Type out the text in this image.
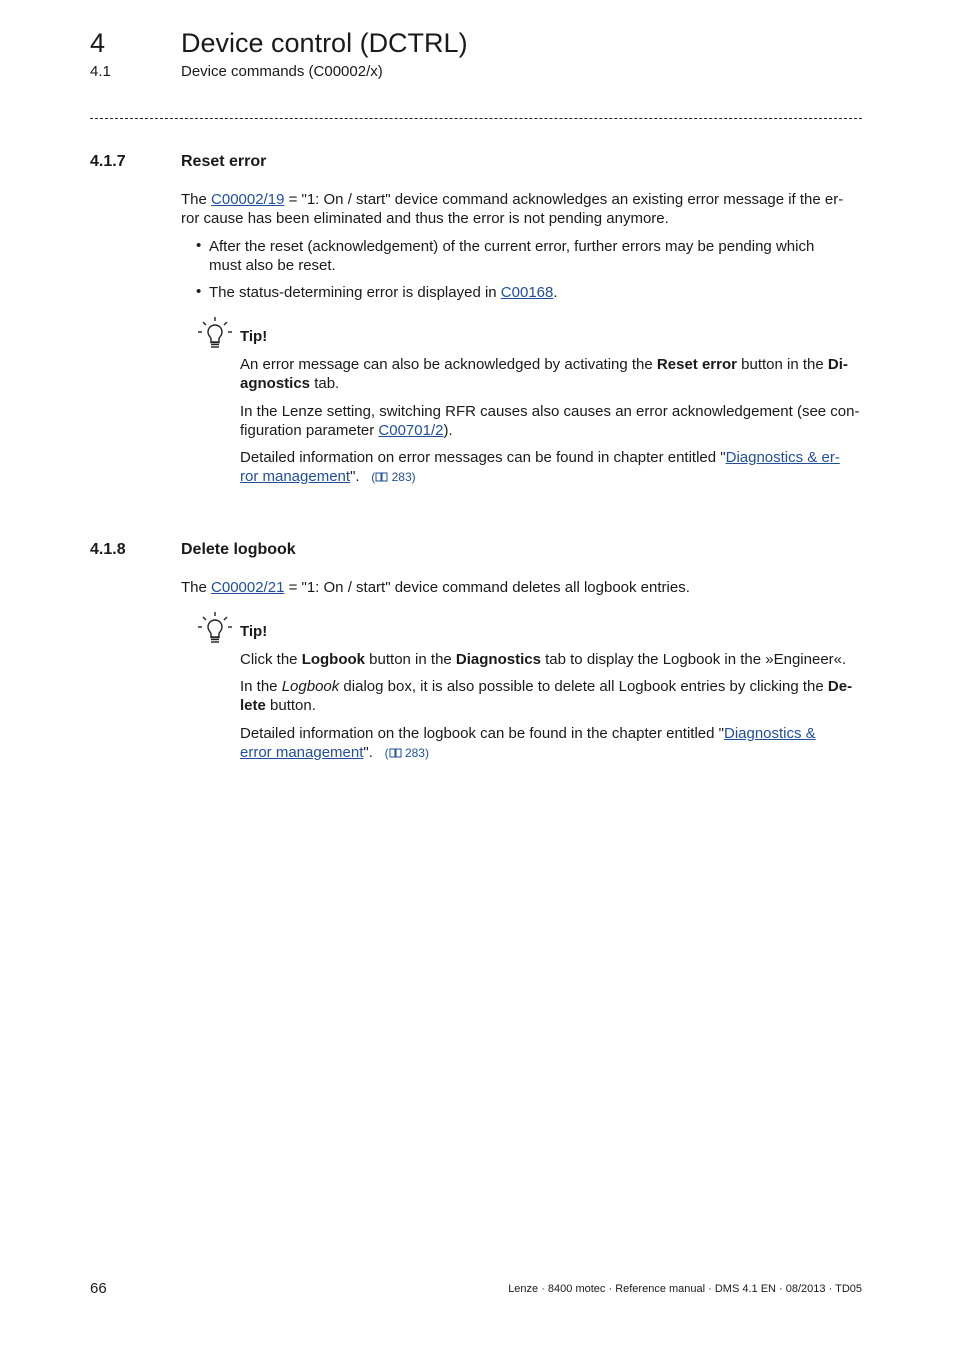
4	Device control (DCTRL)
4.1	Device commands (C00002/x)
4.1.7	Reset error
The C00002/19 = "1: On / start" device command acknowledges an existing error message if the er-
ror cause has been eliminated and thus the error is not pending anymore.
• After the reset (acknowledgement) of the current error, further errors may be pending which
must also be reset.
• The status-determining error is displayed in C00168.
Tip!
An error message can also be acknowledged by activating the Reset error button in the Di-
agnostics tab.
In the Lenze setting, switching RFR causes also causes an error acknowledgement (see con-
figuration parameter C00701/2).
Detailed information on error messages can be found in chapter entitled "Diagnostics & er-
ror management".   ( 283)
4.1.8	Delete logbook
The C00002/21 = "1: On / start" device command deletes all logbook entries.
Tip!
Click the Logbook button in the Diagnostics tab to display the Logbook in the »Engineer«.
In the Logbook dialog box, it is also possible to delete all Logbook entries by clicking the De-
lete button.
Detailed information on the logbook can be found in the chapter entitled "Diagnostics &
error management".   ( 283)
66	Lenze · 8400 motec · Reference manual · DMS 4.1 EN · 08/2013 · TD05
